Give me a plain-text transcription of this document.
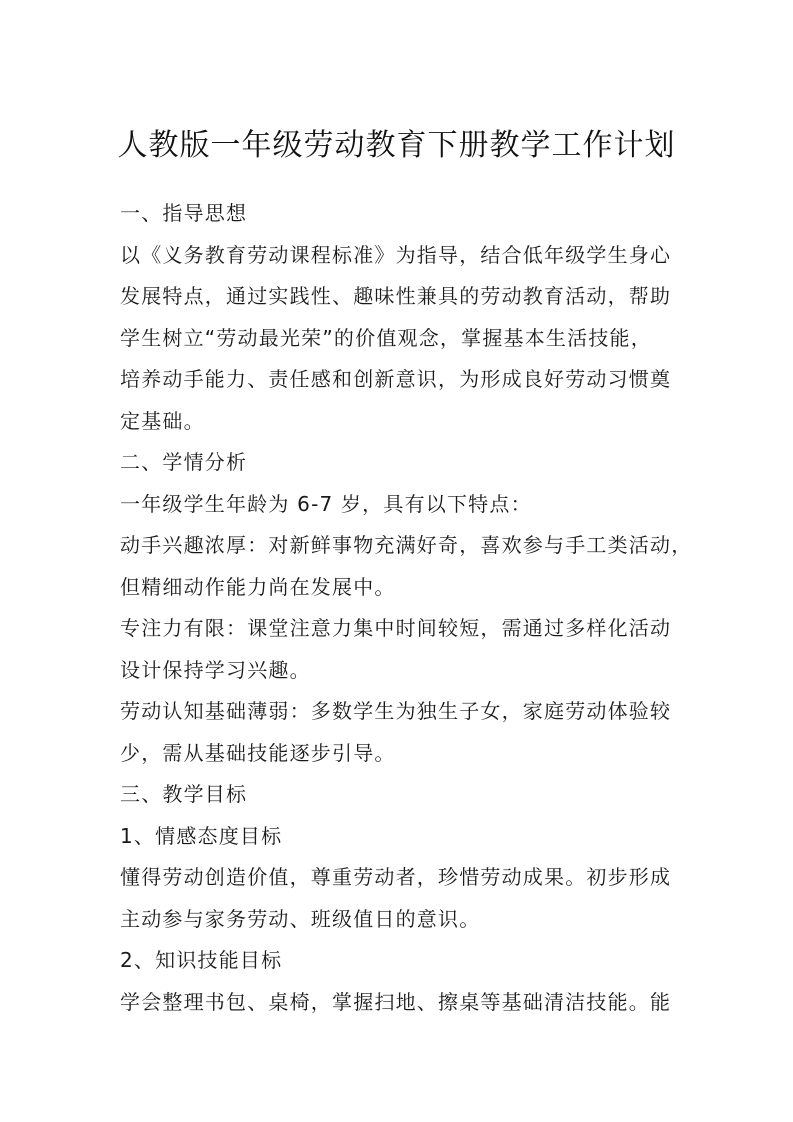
人教版一年级劳动教育下册教学工作计划
一、指导思想
以《义务教育劳动课程标准》为指导，结合低年级学生身心
发展特点，通过实践性、趣味性兼具的劳动教育活动，帮助
学生树立“劳动最光荣”的价值观念，掌握基本生活技能，
培养动手能力、责任感和创新意识，为形成良好劳动习惯奠
定基础。
二、学情分析
一年级学生年龄为 6-7 岁，具有以下特点：
动手兴趣浓厚：对新鲜事物充满好奇，喜欢参与手工类活动，
但精细动作能力尚在发展中。
专注力有限：课堂注意力集中时间较短，需通过多样化活动
设计保持学习兴趣。
劳动认知基础薄弱：多数学生为独生子女，家庭劳动体验较
少，需从基础技能逐步引导。
三、教学目标
1、情感态度目标
懂得劳动创造价值，尊重劳动者，珍惜劳动成果。初步形成
主动参与家务劳动、班级值日的意识。
2、知识技能目标
学会整理书包、桌椅，掌握扫地、擦桌等基础清洁技能。能
